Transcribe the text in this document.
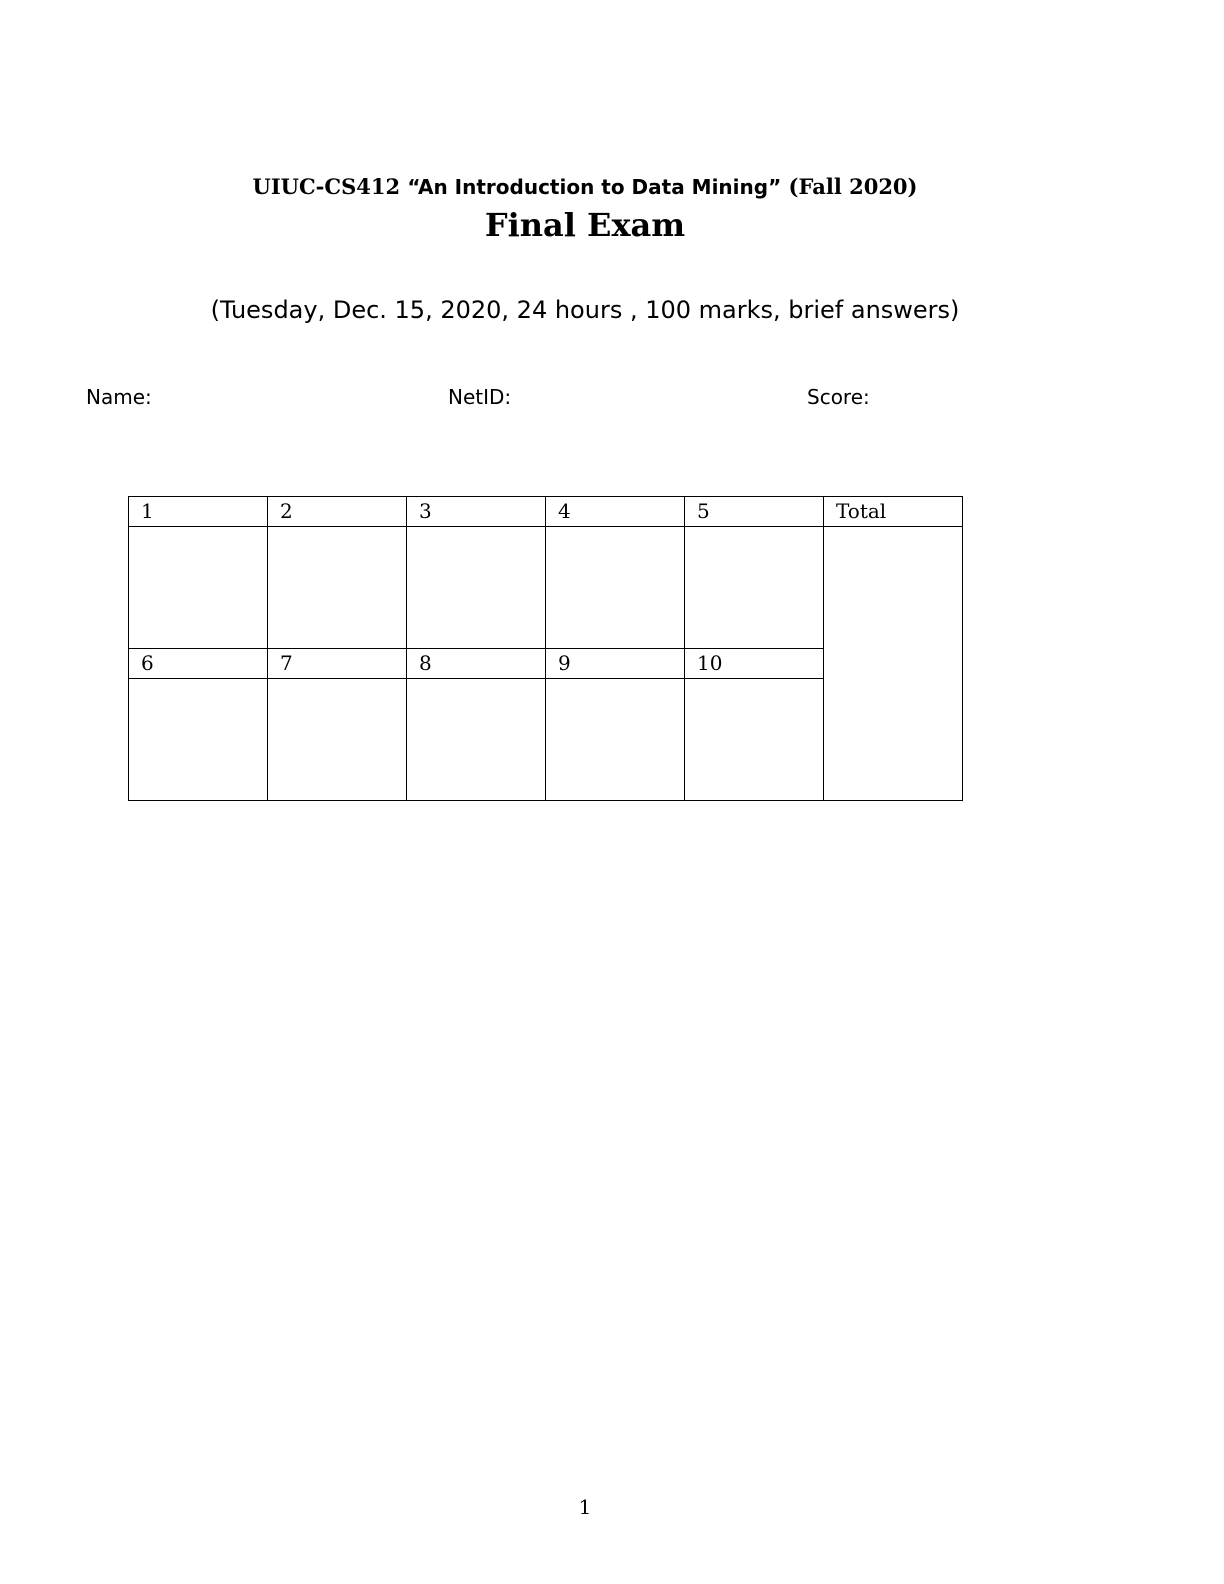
UIUC-CS412 “An Introduction to Data Mining” (Fall 2020)
Final Exam
(Tuesday, Dec. 15, 2020, 24 hours , 100 marks, brief answers)
Name:	NetID:	Score:
1	2	3	4	5	Total

6	7	8	9	10	

1
